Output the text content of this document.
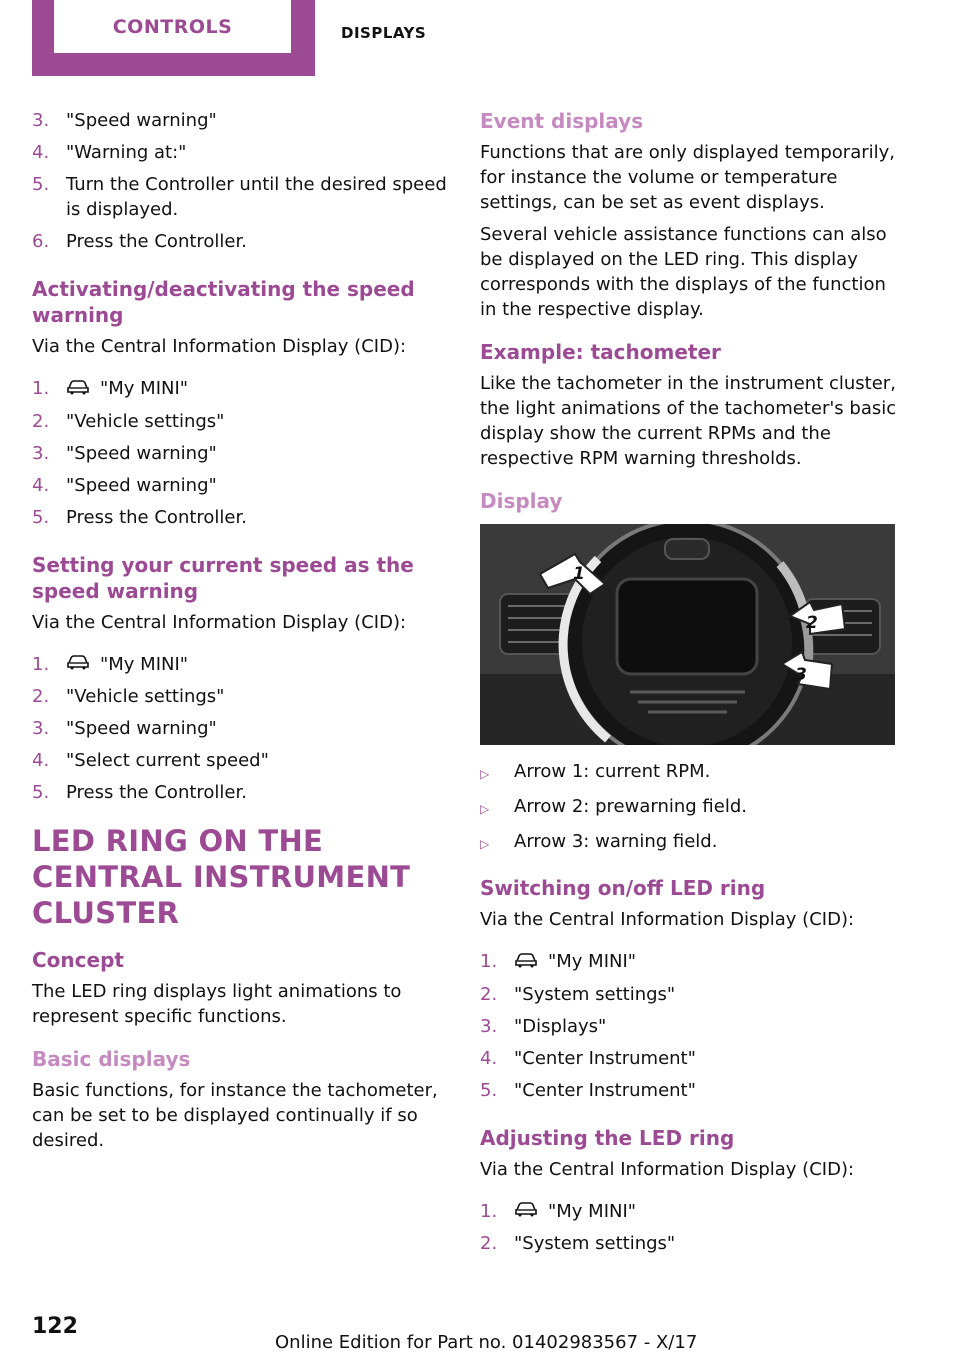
CONTROLS	DISPLAYS
3. "Speed warning"
4. "Warning at:"
5. Turn the Controller until the desired speed is displayed.
6. Press the Controller.
Activating/deactivating the speed warning

Via the Central Information Display (CID):

1.	"My MINI"
2. "Vehicle settings"
3. "Speed warning"
4. "Speed warning"
5. Press the Controller.
Setting your current speed as the speed warning

Via the Central Information Display (CID):

1.	"My MINI"
2. "Vehicle settings"
3. "Speed warning"
4. "Select current speed"
5. Press the Controller.
LED RING ON THE CENTRAL INSTRUMENT CLUSTER
Concept

The LED ring displays light animations to represent specific functions.

Basic displays

Basic functions, for instance the tachometer, can be set to be displayed continually if so desired.

Event displays

Functions that are only displayed temporarily, for instance the volume or temperature settings, can be set as event displays.

Several vehicle assistance functions can also be displayed on the LED ring. This display corresponds with the displays of the function in the respective display.

Example: tachometer

Like the tachometer in the instrument cluster, the light animations of the tachometer's basic display show the current RPMs and the respective RPM warning thresholds.

Display
1
2
3
▷	Arrow 1: current RPM.
▷	Arrow 2: prewarning field.
▷	Arrow 3: warning field.
Switching on/off LED ring

Via the Central Information Display (CID):

1.	"My MINI"
2. "System settings"
3. "Displays"
4. "Center Instrument"
5. "Center Instrument"
Adjusting the LED ring

Via the Central Information Display (CID):

1.	"My MINI"
2. "System settings"
122
Online Edition for Part no. 01402983567 - X/17
